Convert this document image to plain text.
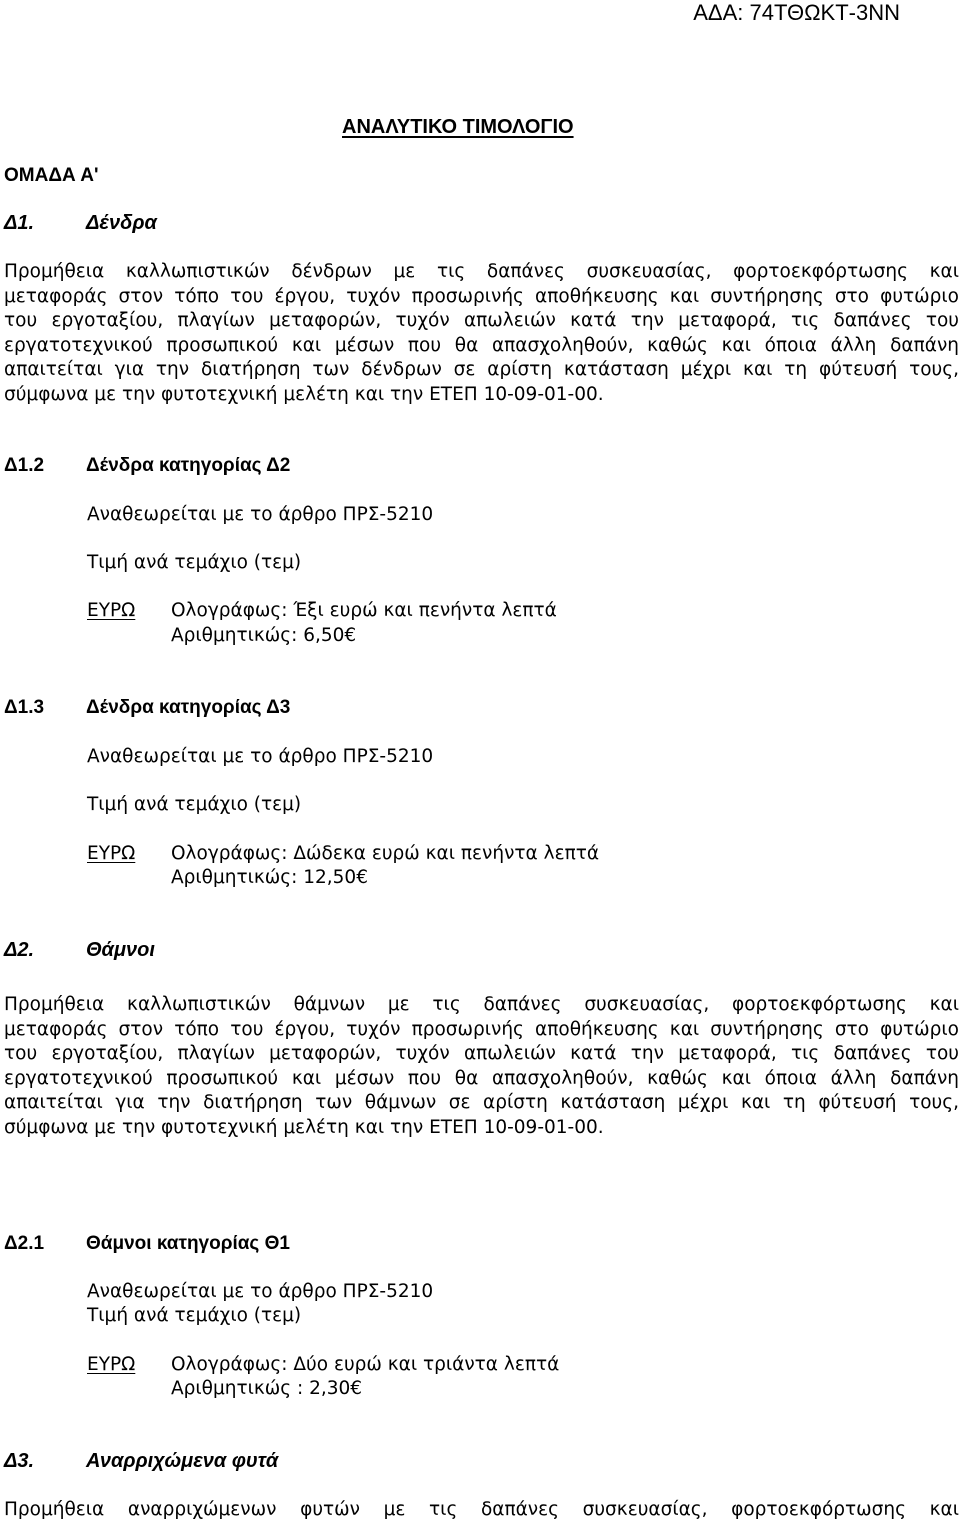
ΑΔΑ: 74ΤΘΩΚΤ-3ΝΝ
ΑΝΑΛΥΤΙΚΟ ΤΙΜΟΛΟΓΙΟ
ΟΜΑΔΑ Α'
Δ1.	Δένδρα
Προμήθεια καλλωπιστικών δένδρων με τις δαπάνες συσκευασίας, φορτοεκφόρτωσης και
μεταφοράς στον τόπο του έργου, τυχόν προσωρινής αποθήκευσης και συντήρησης στο φυτώριο
του εργοταξίου, πλαγίων μεταφορών, τυχόν απωλειών κατά την μεταφορά, τις δαπάνες του
εργατοτεχνικού προσωπικού και μέσων που θα απασχοληθούν, καθώς και όποια άλλη δαπάνη
απαιτείται για την διατήρηση των δένδρων σε αρίστη κατάσταση μέχρι και τη φύτευσή τους,
σύμφωνα με την φυτοτεχνική μελέτη και την ΕΤΕΠ 10-09-01-00.
Δ1.2 Δένδρα κατηγορίας Δ2
Αναθεωρείται με το άρθρο ΠΡΣ-5210
Τιμή ανά τεμάχιο (τεμ)
ΕΥΡΩ Ολογράφως: Έξι ευρώ και πενήντα λεπτά
Αριθμητικώς: 6,50€
Δ1.3 Δένδρα κατηγορίας Δ3
Αναθεωρείται με το άρθρο ΠΡΣ-5210
Τιμή ανά τεμάχιο (τεμ)
ΕΥΡΩ Ολογράφως: Δώδεκα ευρώ και πενήντα λεπτά
Αριθμητικώς: 12,50€
Δ2.	Θάμνοι
Προμήθεια καλλωπιστικών θάμνων με τις δαπάνες συσκευασίας, φορτοεκφόρτωσης και
μεταφοράς στον τόπο του έργου, τυχόν προσωρινής αποθήκευσης και συντήρησης στο φυτώριο
του εργοταξίου, πλαγίων μεταφορών, τυχόν απωλειών κατά την μεταφορά, τις δαπάνες του
εργατοτεχνικού προσωπικού και μέσων που θα απασχοληθούν, καθώς και όποια άλλη δαπάνη
απαιτείται για την διατήρηση των θάμνων σε αρίστη κατάσταση μέχρι και τη φύτευσή τους,
σύμφωνα με την φυτοτεχνική μελέτη και την ΕΤΕΠ 10-09-01-00.
Δ2.1 Θάμνοι κατηγορίας Θ1
Αναθεωρείται με το άρθρο ΠΡΣ-5210
Τιμή ανά τεμάχιο (τεμ)
ΕΥΡΩ Ολογράφως: Δύο ευρώ και τριάντα λεπτά
Αριθμητικώς : 2,30€
Δ3.	Αναρριχώμενα φυτά
Προμήθεια αναρριχώμενων φυτών με τις δαπάνες συσκευασίας, φορτοεκφόρτωσης και
